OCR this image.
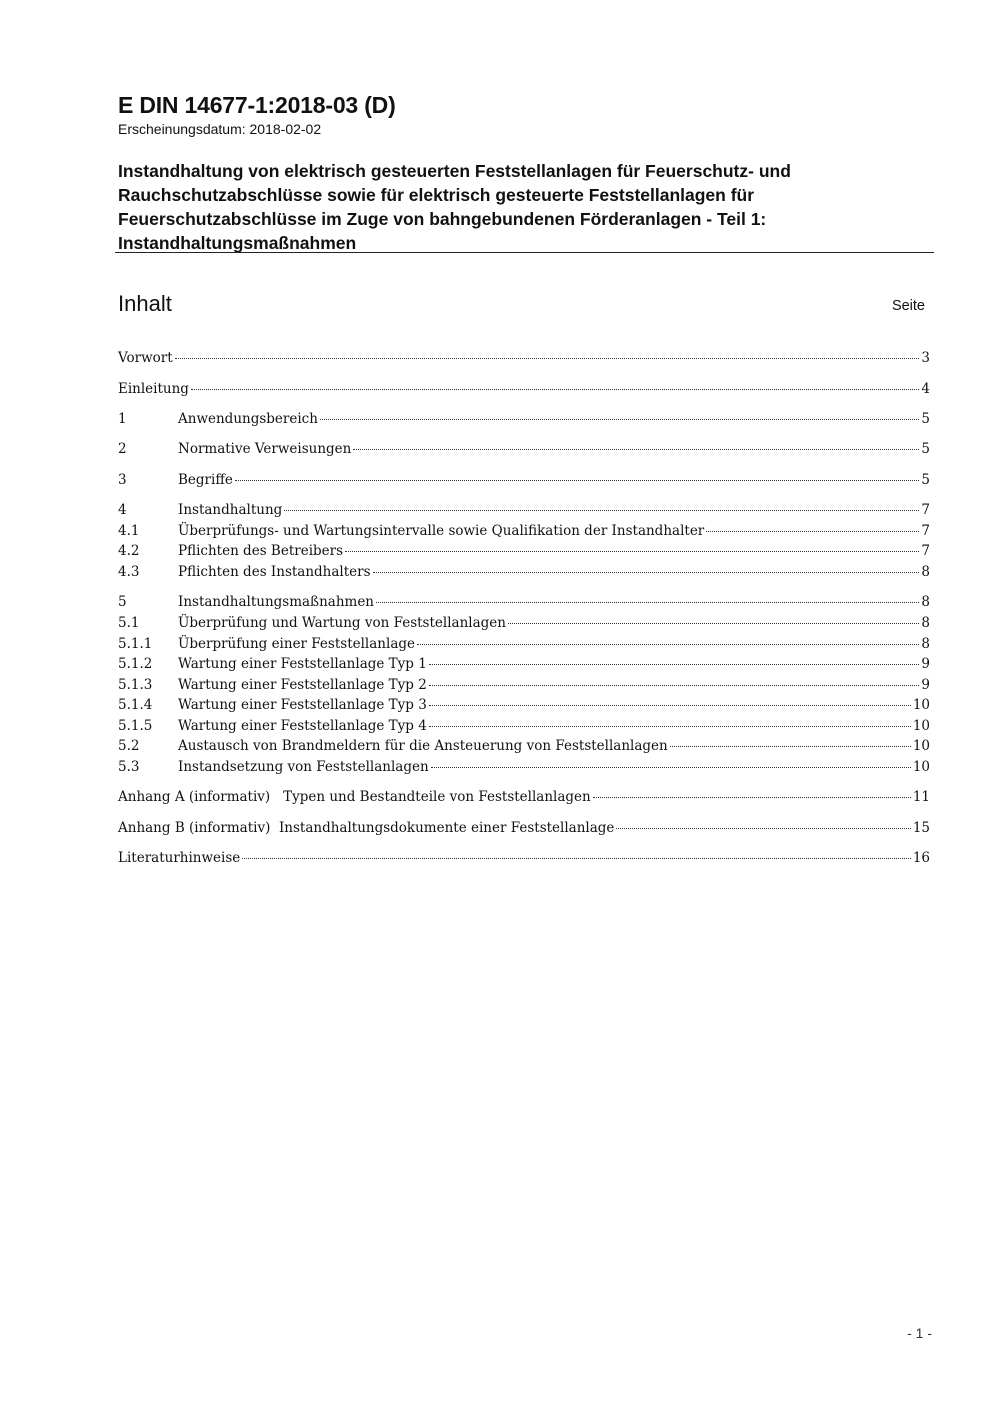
E DIN 14677-1:2018-03 (D)
Erscheinungsdatum: 2018-02-02
Instandhaltung von elektrisch gesteuerten Feststellanlagen für Feuerschutz- und
Rauchschutzabschlüsse sowie für elektrisch gesteuerte Feststellanlagen für
Feuerschutzabschlüsse im Zuge von bahngebundenen Förderanlagen - Teil 1:
Instandhaltungsmaßnahmen
Inhalt	Seite
Vorwort	3
Einleitung	4
1	Anwendungsbereich	5
2	Normative Verweisungen	5
3	Begriffe	5
4	Instandhaltung	7
4.1	Überprüfungs- und Wartungsintervalle sowie Qualifikation der Instandhalter	7
4.2	Pflichten des Betreibers	7
4.3	Pflichten des Instandhalters	8
5	Instandhaltungsmaßnahmen	8
5.1	Überprüfung und Wartung von Feststellanlagen	8
5.1.1	Überprüfung einer Feststellanlage	8
5.1.2	Wartung einer Feststellanlage Typ 1	9
5.1.3	Wartung einer Feststellanlage Typ 2	9
5.1.4	Wartung einer Feststellanlage Typ 3	10
5.1.5	Wartung einer Feststellanlage Typ 4	10
5.2	Austausch von Brandmeldern für die Ansteuerung von Feststellanlagen	10
5.3	Instandsetzung von Feststellanlagen	10
Anhang A (informativ)   Typen und Bestandteile von Feststellanlagen	11
Anhang B (informativ)  Instandhaltungsdokumente einer Feststellanlage	15
Literaturhinweise	16
- 1 -
